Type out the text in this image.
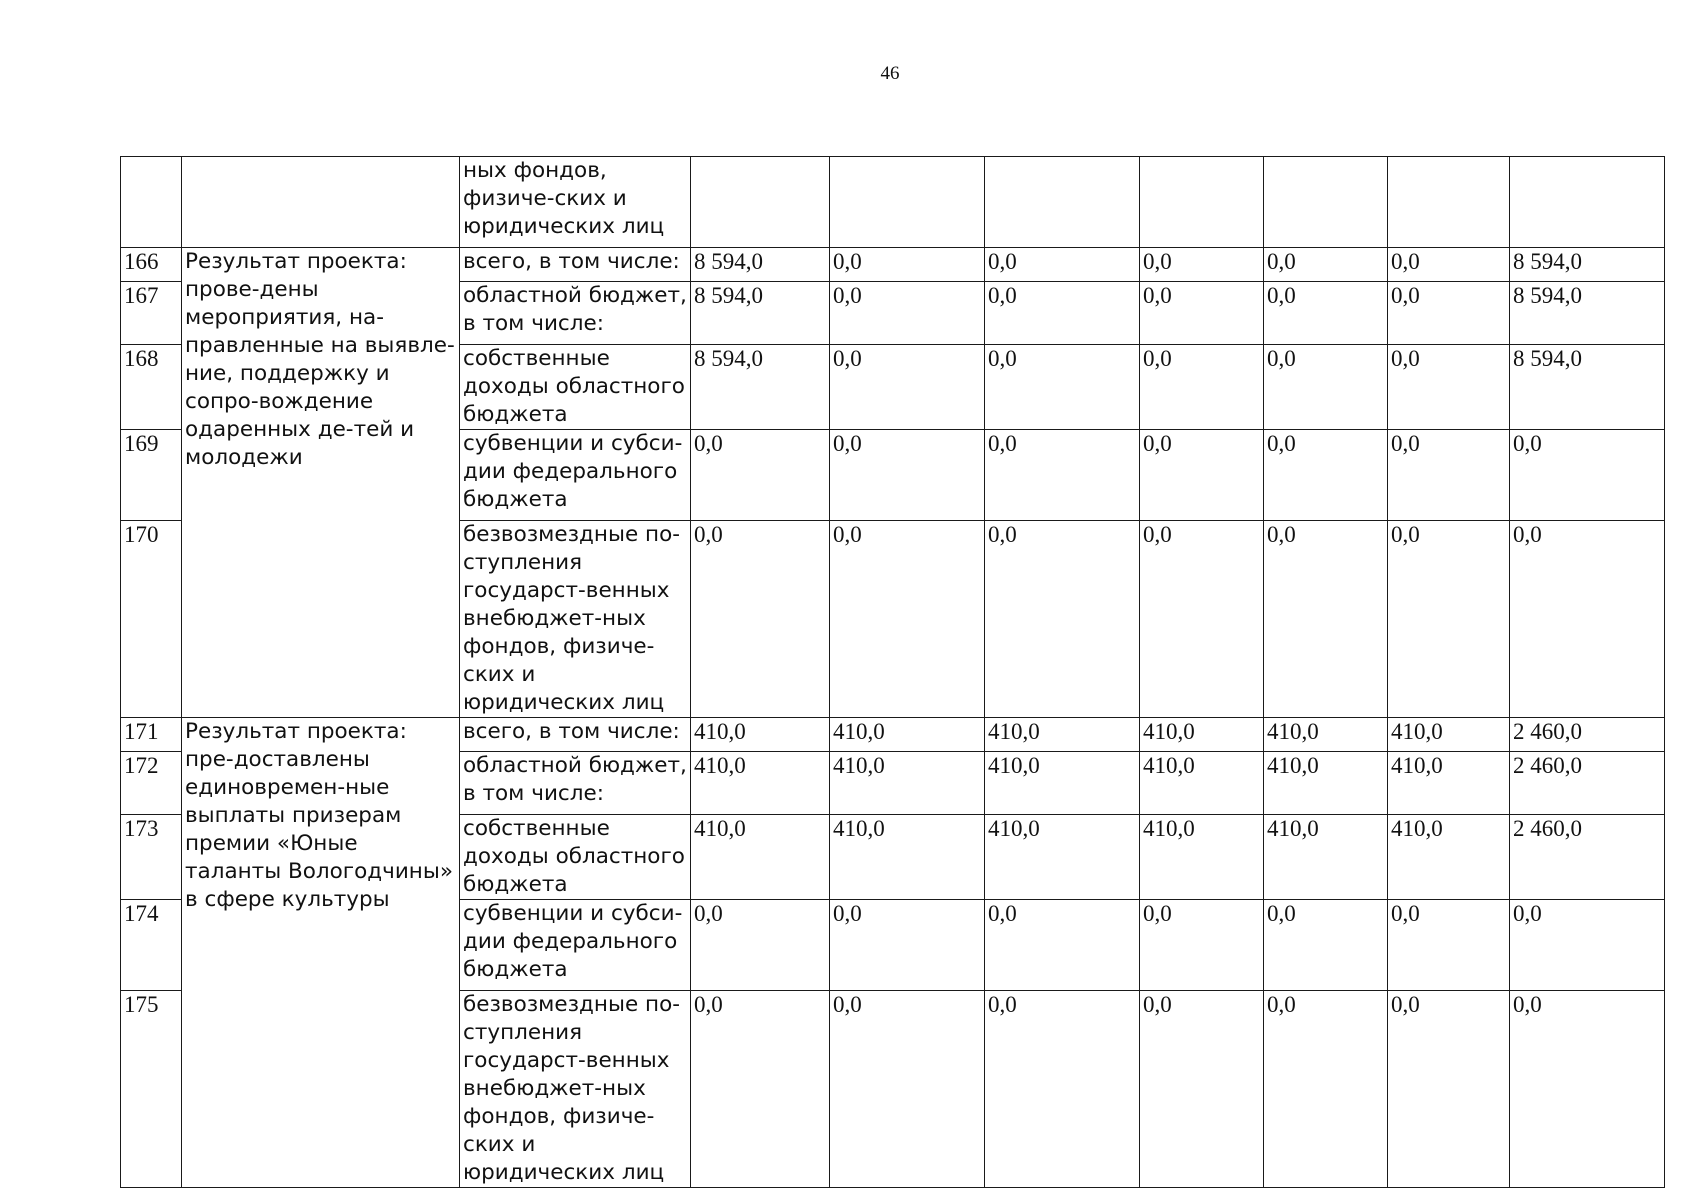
46
		ных фондов, физиче-ских и юридических лиц							
166	Результат проекта: прове-дены мероприятия, на-правленные на выявле-ние, поддержку и сопро-вождение одаренных де-тей и молодежи	всего, в том числе:	8 594,0	0,0	0,0	0,0	0,0	0,0	8 594,0
167		областной бюджет, в том числе:	8 594,0	0,0	0,0	0,0	0,0	0,0	8 594,0
168		собственные доходы областного бюджета	8 594,0	0,0	0,0	0,0	0,0	0,0	8 594,0
169		субвенции и субси-дии федерального бюджета	0,0	0,0	0,0	0,0	0,0	0,0	0,0
170		безвозмездные по-ступления государст-венных внебюджет-ных фондов, физиче-ских и юридических лиц	0,0	0,0	0,0	0,0	0,0	0,0	0,0
171	Результат проекта: пре-доставлены единовремен-ные выплаты призерам премии «Юные таланты Вологодчины» в сфере культуры	всего, в том числе:	410,0	410,0	410,0	410,0	410,0	410,0	2 460,0
172		областной бюджет, в том числе:	410,0	410,0	410,0	410,0	410,0	410,0	2 460,0
173		собственные доходы областного бюджета	410,0	410,0	410,0	410,0	410,0	410,0	2 460,0
174		субвенции и субси-дии федерального бюджета	0,0	0,0	0,0	0,0	0,0	0,0	0,0
175		безвозмездные по-ступления государст-венных внебюджет-ных фондов, физиче-ских и юридических лиц	0,0	0,0	0,0	0,0	0,0	0,0	0,0
